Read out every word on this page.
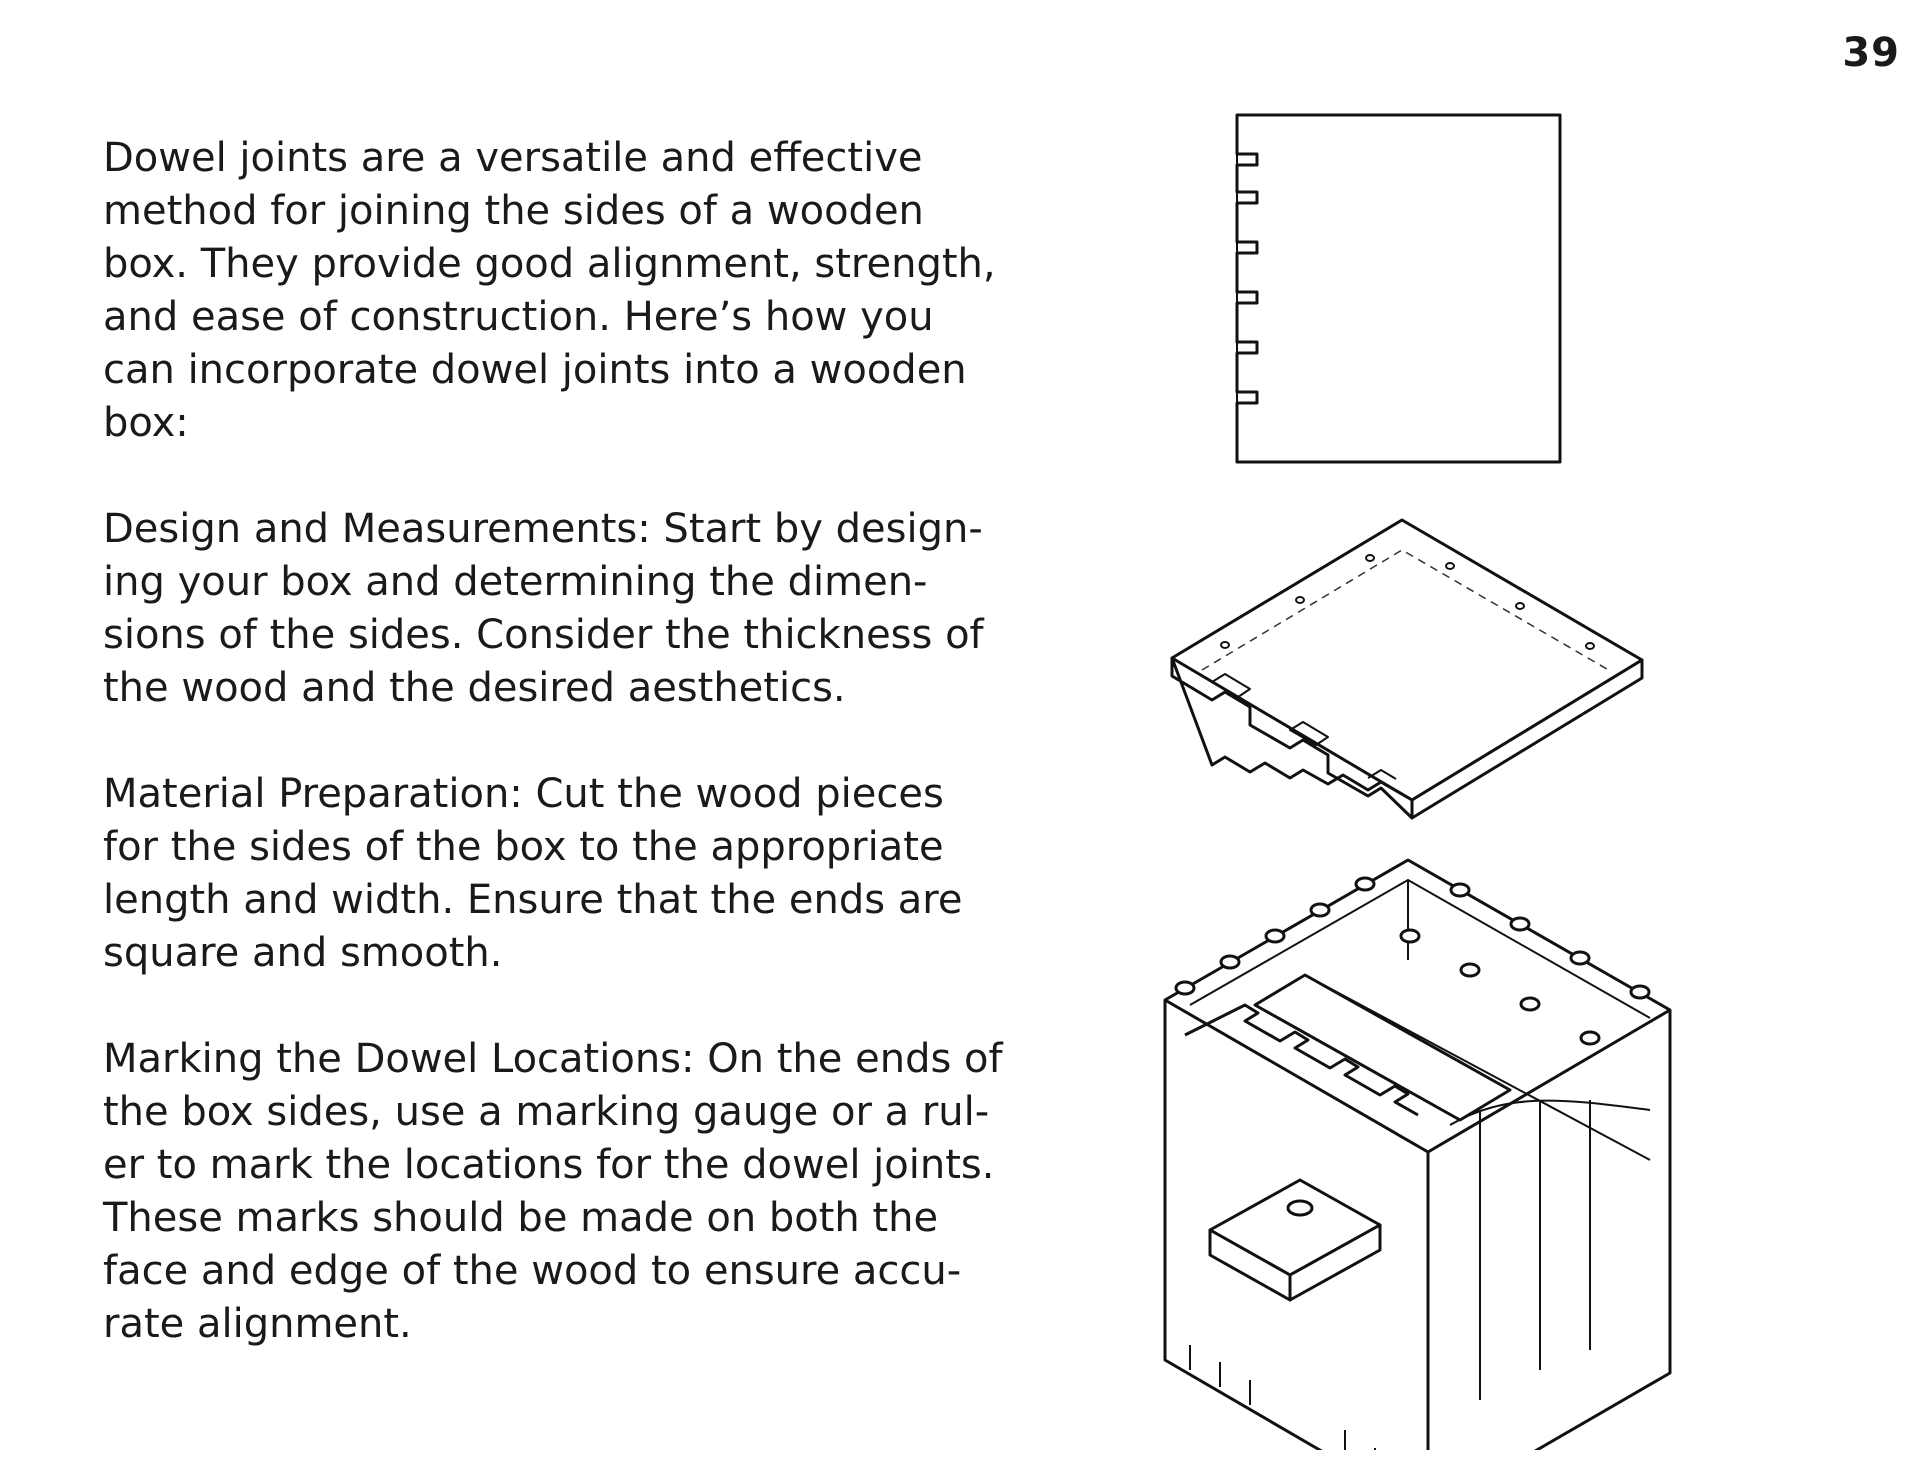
39

Dowel joints are a versatile and effective
method for joining the sides of a wooden
box. They provide good alignment, strength,
and ease of construction. Here’s how you
can incorporate dowel joints into a wooden
box:

Design and Measurements: Start by design-
ing your box and determining the dimen-
sions of the sides. Consider the thickness of
the wood and the desired aesthetics.

Material Preparation: Cut the wood pieces
for the sides of the box to the appropriate
length and width. Ensure that the ends are
square and smooth.

Marking the Dowel Locations: On the ends of
the box sides, use a marking gauge or a rul-
er to mark the locations for the dowel joints.
These marks should be made on both the
face and edge of the wood to ensure accu-
rate alignment.
